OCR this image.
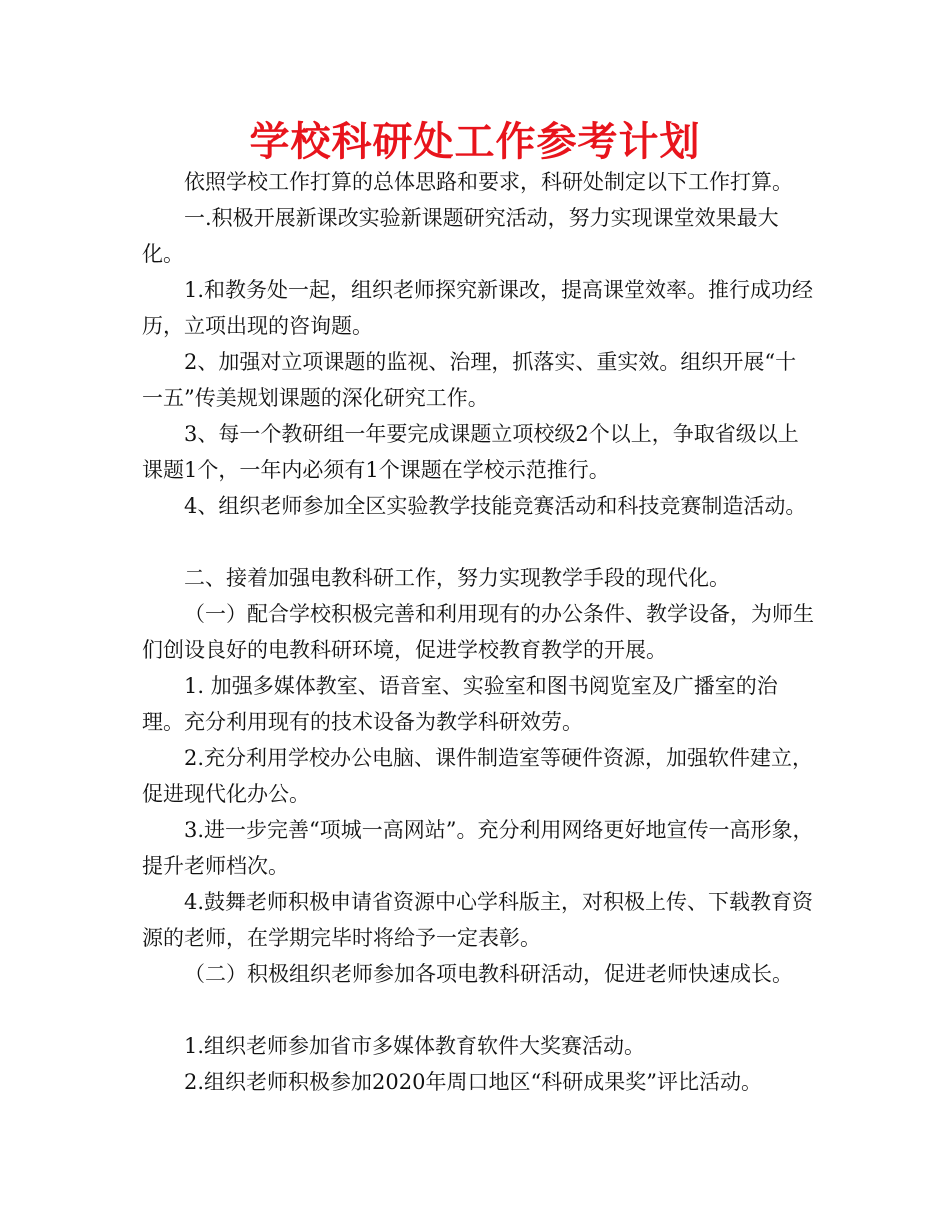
学校科研处工作参考计划

依照学校工作打算的总体思路和要求，科研处制定以下工作打算。

一.积极开展新课改实验新课题研究活动，努力实现课堂效果最大化。

1.和教务处一起，组织老师探究新课改，提高课堂效率。推行成功经历，立项出现的咨询题。

2、加强对立项课题的监视、治理，抓落实、重实效。组织开展“十一五”传美规划课题的深化研究工作。

3、每一个教研组一年要完成课题立项校级2个以上，争取省级以上课题1个，一年内必须有1个课题在学校示范推行。

4、组织老师参加全区实验教学技能竞赛活动和科技竞赛制造活动。

二、接着加强电教科研工作，努力实现教学手段的现代化。

（一）配合学校积极完善和利用现有的办公条件、教学设备，为师生们创设良好的电教科研环境，促进学校教育教学的开展。

1. 加强多媒体教室、语音室、实验室和图书阅览室及广播室的治理。充分利用现有的技术设备为教学科研效劳。

2.充分利用学校办公电脑、课件制造室等硬件资源，加强软件建立，促进现代化办公。

3.进一步完善“项城一高网站”。充分利用网络更好地宣传一高形象，提升老师档次。

4.鼓舞老师积极申请省资源中心学科版主，对积极上传、下载教育资源的老师，在学期完毕时将给予一定表彰。

（二）积极组织老师参加各项电教科研活动，促进老师快速成长。

1.组织老师参加省市多媒体教育软件大奖赛活动。

2.组织老师积极参加2020年周口地区“科研成果奖”评比活动。
